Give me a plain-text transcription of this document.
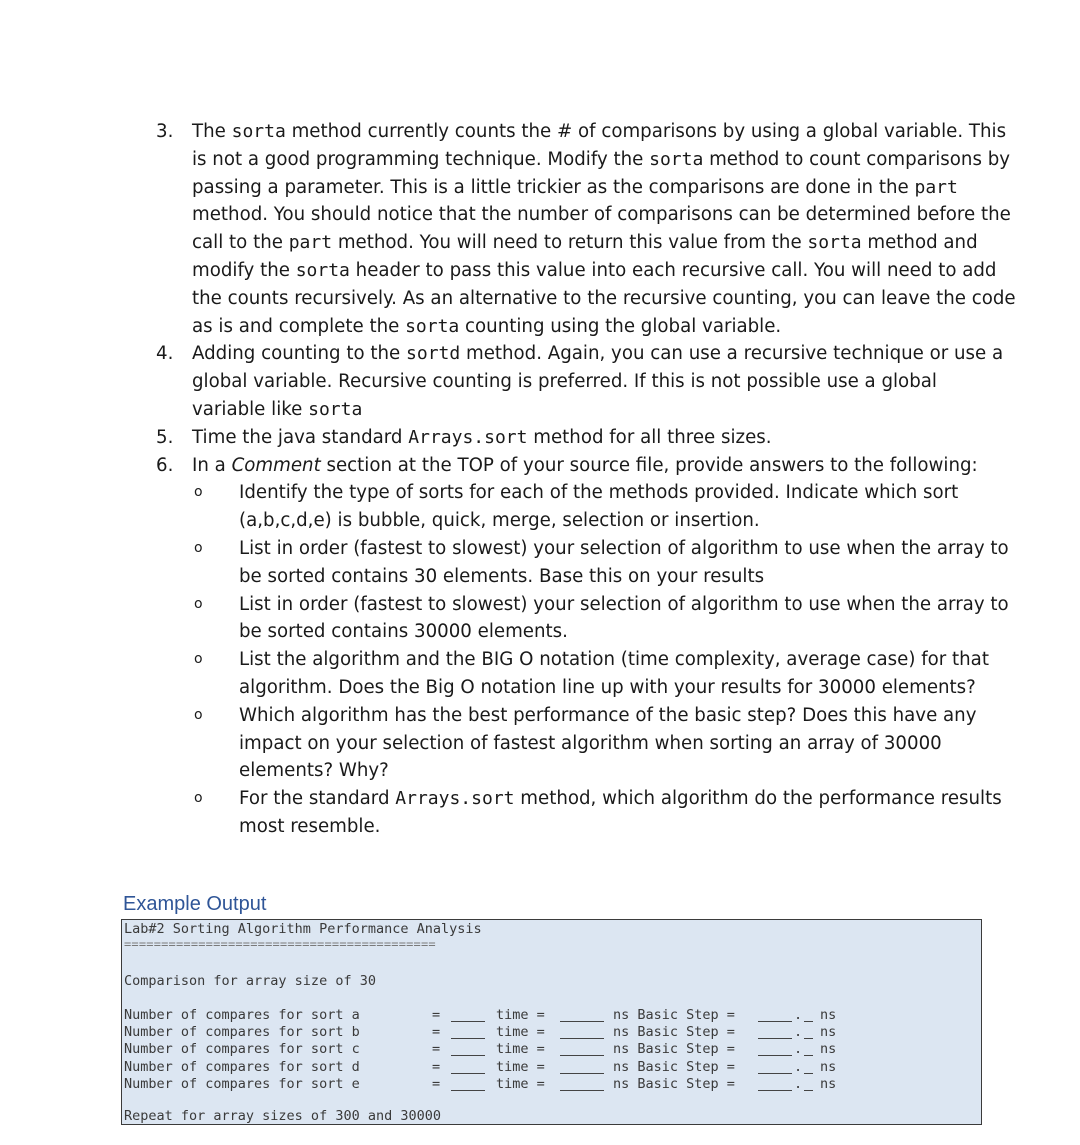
3. The sorta method currently counts the # of comparisons by using a global variable. This is not a good programming technique. Modify the sorta method to count comparisons by passing a parameter. This is a little trickier as the comparisons are done in the part method. You should notice that the number of comparisons can be determined before the call to the part method. You will need to return this value from the sorta method and modify the sorta header to pass this value into each recursive call. You will need to add the counts recursively. As an alternative to the recursive counting, you can leave the code as is and complete the sorta counting using the global variable.
4. Adding counting to the sortd method. Again, you can use a recursive technique or use a global variable. Recursive counting is preferred. If this is not possible use a global variable like sorta
5. Time the java standard Arrays.sort method for all three sizes.
6. In a Comment section at the TOP of your source file, provide answers to the following:
o Identify the type of sorts for each of the methods provided. Indicate which sort (a,b,c,d,e) is bubble, quick, merge, selection or insertion.
o List in order (fastest to slowest) your selection of algorithm to use when the array to be sorted contains 30 elements. Base this on your results
o List in order (fastest to slowest) your selection of algorithm to use when the array to be sorted contains 30000 elements.
o List the algorithm and the BIG O notation (time complexity, average case) for that algorithm. Does the Big O notation line up with your results for 30000 elements?
o Which algorithm has the best performance of the basic step? Does this have any impact on your selection of fastest algorithm when sorting an array of 30000 elements? Why?
o For the standard Arrays.sort method, which algorithm do the performance results most resemble.
Example Output
Lab#2 Sorting Algorithm Performance Analysis
==========================================
Comparison for array size of 30
Number of compares for sort a	=	time =	ns Basic Step =	. ns
Number of compares for sort b	=	time =	ns Basic Step =	. ns
Number of compares for sort c	=	time =	ns Basic Step =	. ns
Number of compares for sort d	=	time =	ns Basic Step =	. ns
Number of compares for sort e	=	time =	ns Basic Step =	. ns
Repeat for array sizes of 300 and 30000
